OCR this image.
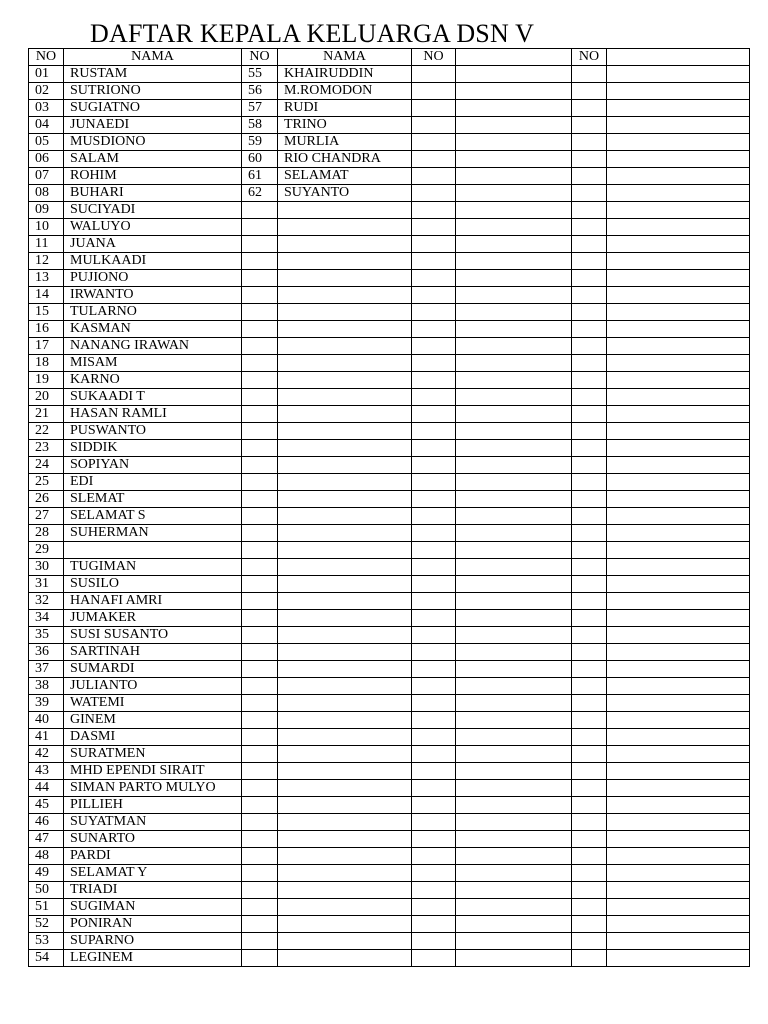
DAFTAR KEPALA KELUARGA DSN V
NO	NAMA	NO	NAMA	NO		NO	
01	RUSTAM	55	KHAIRUDDIN				
02	SUTRIONO	56	M.ROMODON				
03	SUGIATNO	57	RUDI				
04	JUNAEDI	58	TRINO				
05	MUSDIONO	59	MURLIA				
06	SALAM	60	RIO CHANDRA				
07	ROHIM	61	SELAMAT				
08	BUHARI	62	SUYANTO				
09	SUCIYADI						
10	WALUYO						
11	JUANA						
12	MULKAADI						
13	PUJIONO						
14	IRWANTO						
15	TULARNO						
16	KASMAN						
17	NANANG IRAWAN						
18	MISAM						
19	KARNO						
20	SUKAADI T						
21	HASAN RAMLI						
22	PUSWANTO						
23	SIDDIK						
24	SOPIYAN						
25	EDI						
26	SLEMAT						
27	SELAMAT S						
28	SUHERMAN						
29							
30	TUGIMAN						
31	SUSILO						
32	HANAFI AMRI						
34	JUMAKER						
35	SUSI SUSANTO						
36	SARTINAH						
37	SUMARDI						
38	JULIANTO						
39	WATEMI						
40	GINEM						
41	DASMI						
42	SURATMEN						
43	MHD EPENDI SIRAIT						
44	SIMAN PARTO MULYO						
45	PILLIEH						
46	SUYATMAN						
47	SUNARTO						
48	PARDI						
49	SELAMAT Y						
50	TRIADI						
51	SUGIMAN						
52	PONIRAN						
53	SUPARNO						
54	LEGINEM						
